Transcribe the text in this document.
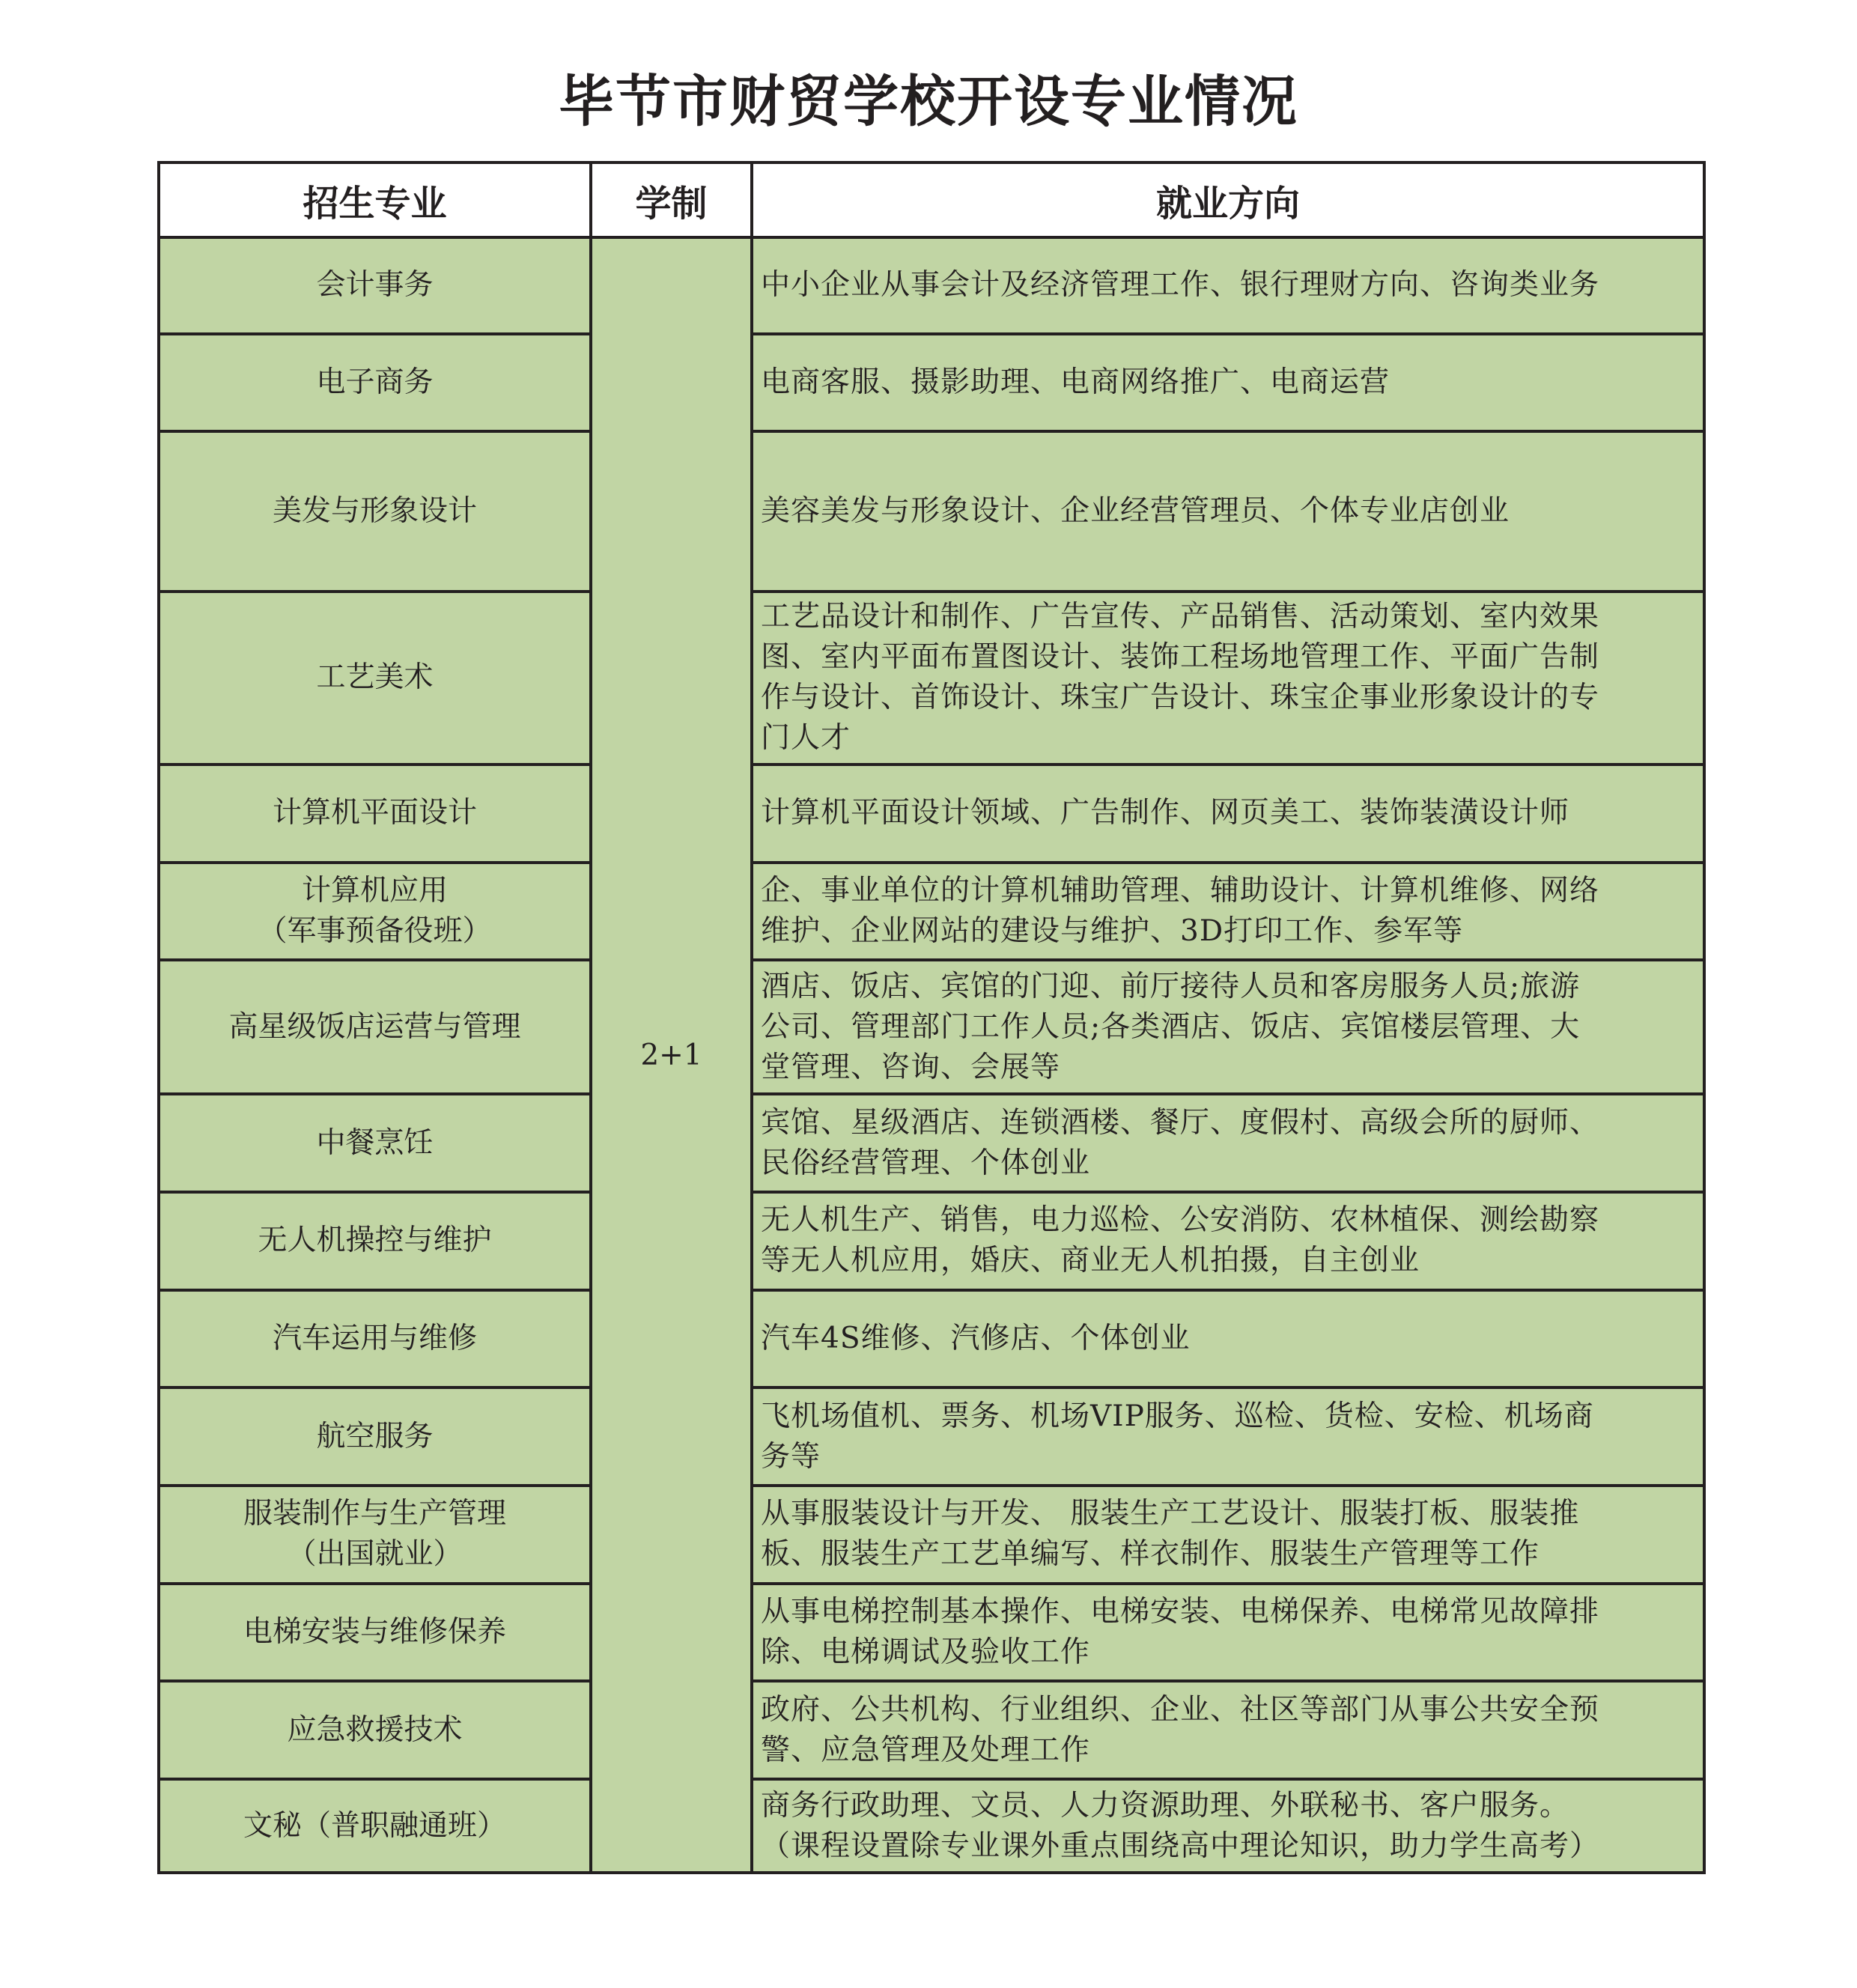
毕节市财贸学校开设专业情况
招生专业	学制	就业方向
会计事务	2+1	中小企业从事会计及经济管理工作、银行理财方向、咨询类业务
电子商务		电商客服、摄影助理、电商网络推广、电商运营
美发与形象设计		美容美发与形象设计、企业经营管理员、个体专业店创业
工艺美术		工艺品设计和制作、广告宣传、产品销售、活动策划、室内效果
图、室内平面布置图设计、装饰工程场地管理工作、平面广告制
作与设计、首饰设计、珠宝广告设计、珠宝企事业形象设计的专
门人才
计算机平面设计		计算机平面设计领域、广告制作、网页美工、装饰装潢设计师

计算机应用
（军事预备役班）		企、事业单位的计算机辅助管理、辅助设计、计算机维修、网络
维护、企业网站的建设与维护、3D打印工作、参军等
高星级饭店运营与管理		酒店、饭店、宾馆的门迎、前厅接待人员和客房服务人员;旅游
公司、管理部门工作人员;各类酒店、饭店、宾馆楼层管理、大
堂管理、咨询、会展等
中餐烹饪		宾馆、星级酒店、连锁酒楼、餐厅、度假村、高级会所的厨师、
民俗经营管理、个体创业
无人机操控与维护		无人机生产、销售，电力巡检、公安消防、农林植保、测绘勘察
等无人机应用，婚庆、商业无人机拍摄，自主创业
汽车运用与维修		汽车4S维修、汽修店、个体创业
航空服务		飞机场值机、票务、机场VIP服务、巡检、货检、安检、机场商
务等

服装制作与生产管理
（出国就业）		从事服装设计与开发、 服装生产工艺设计、服装打板、服装推
板、服装生产工艺单编写、样衣制作、服装生产管理等工作
电梯安装与维修保养		从事电梯控制基本操作、电梯安装、电梯保养、电梯常见故障排
除、电梯调试及验收工作
应急救援技术		政府、公共机构、行业组织、企业、社区等部门从事公共安全预
警、应急管理及处理工作
文秘（普职融通班）		商务行政助理、文员、人力资源助理、外联秘书、客户服务。
（课程设置除专业课外重点围绕高中理论知识，助力学生高考）
